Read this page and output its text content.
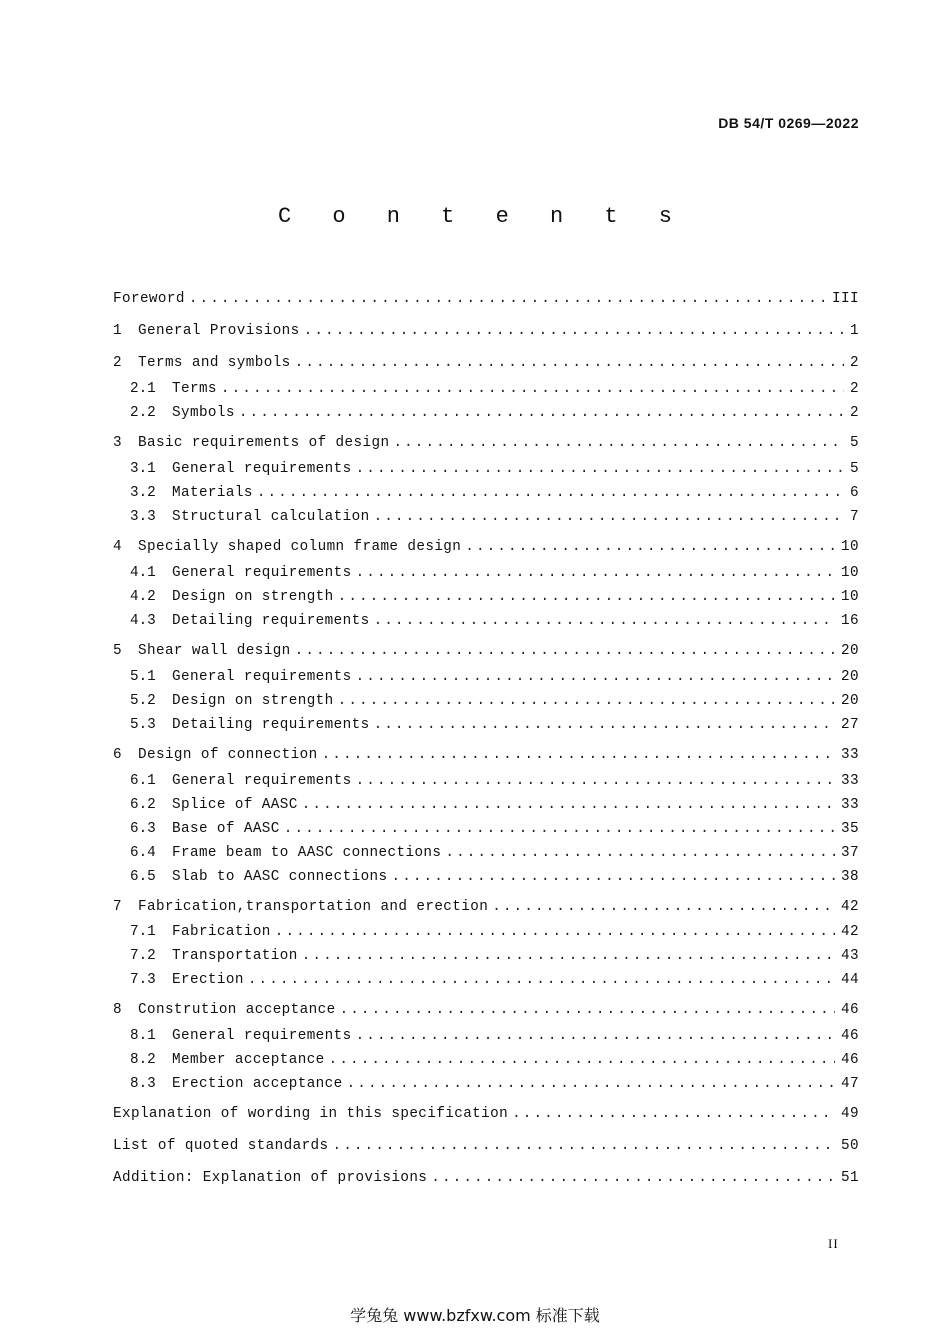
DB 54/T 0269—2022
C o n t e n t s
Foreword .....	III
1	General Provisions .....	1
2	Terms and symbols .....	2
2.1	Terms .....	2
2.2	Symbols .....	2
3	Basic requirements of design .....	5
3.1	General requirements .....	5
3.2	Materials .....	6
3.3	Structural calculation .....	7
4	Specially shaped column frame design .....	10
4.1	General requirements .....	10
4.2	Design on strength .....	10
4.3	Detailing requirements .....	16
5	Shear wall design .....	20
5.1	General requirements .....	20
5.2	Design on strength .....	20
5.3	Detailing requirements .....	27
6	Design of connection .....	33
6.1	General requirements .....	33
6.2	Splice of AASC .....	33
6.3	Base of AASC .....	35
6.4	Frame beam to AASC connections .....	37
6.5	Slab to AASC connections .....	38
7	Fabrication,transportation and erection .....	42
7.1	Fabrication .....	42
7.2	Transportation .....	43
7.3	Erection .....	44
8	Constrution acceptance .....	46
8.1	General requirements .....	46
8.2	Member acceptance .....	46
8.3	Erection acceptance .....	47
Explanation of wording in this specification .....	49
List of quoted standards .....	50
Addition: Explanation of provisions .....	51
II
学兔兔 www.bzfxw.com 标准下载
